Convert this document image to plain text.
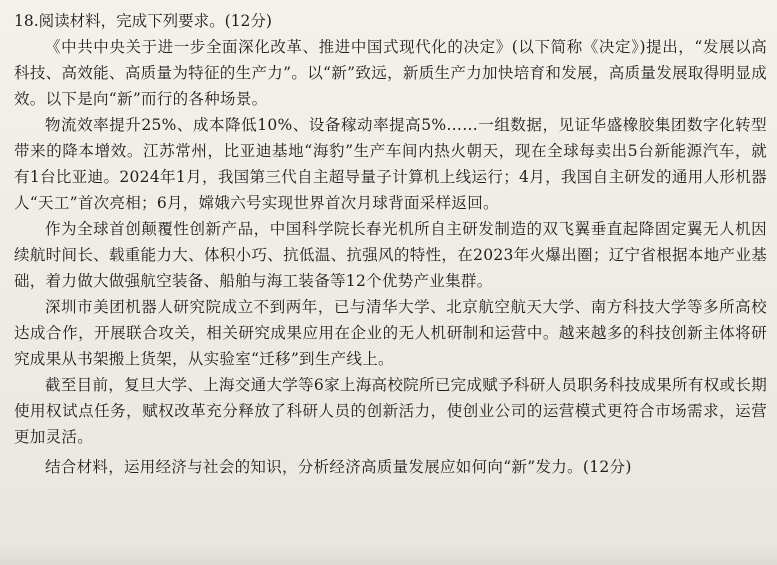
18.阅读材料，完成下列要求。(12分)

《中共中央关于进一步全面深化改革、推进中国式现代化的决定》(以下简称《决定》)提出，“发展以高科技、高效能、高质量为特征的生产力”。以“新”致远，新质生产力加快培育和发展，高质量发展取得明显成效。以下是向“新”而行的各种场景。

物流效率提升25%、成本降低10%、设备稼动率提高5%……一组数据，见证华盛橡胶集团数字化转型带来的降本增效。江苏常州，比亚迪基地“海豹”生产车间内热火朝天，现在全球每卖出5台新能源汽车，就有1台比亚迪。2024年1月，我国第三代自主超导量子计算机上线运行；4月，我国自主研发的通用人形机器人“天工”首次亮相；6月，嫦娥六号实现世界首次月球背面采样返回。

作为全球首创颠覆性创新产品，中国科学院长春光机所自主研发制造的双飞翼垂直起降固定翼无人机因续航时间长、载重能力大、体积小巧、抗低温、抗强风的特性，在2023年火爆出圈；辽宁省根据本地产业基础，着力做大做强航空装备、船舶与海工装备等12个优势产业集群。

深圳市美团机器人研究院成立不到两年，已与清华大学、北京航空航天大学、南方科技大学等多所高校达成合作，开展联合攻关，相关研究成果应用在企业的无人机研制和运营中。越来越多的科技创新主体将研究成果从书架搬上货架，从实验室“迁移”到生产线上。

截至目前，复旦大学、上海交通大学等6家上海高校院所已完成赋予科研人员职务科技成果所有权或长期使用权试点任务，赋权改革充分释放了科研人员的创新活力，使创业公司的运营模式更符合市场需求，运营更加灵活。

结合材料，运用经济与社会的知识，分析经济高质量发展应如何向“新”发力。(12分)
